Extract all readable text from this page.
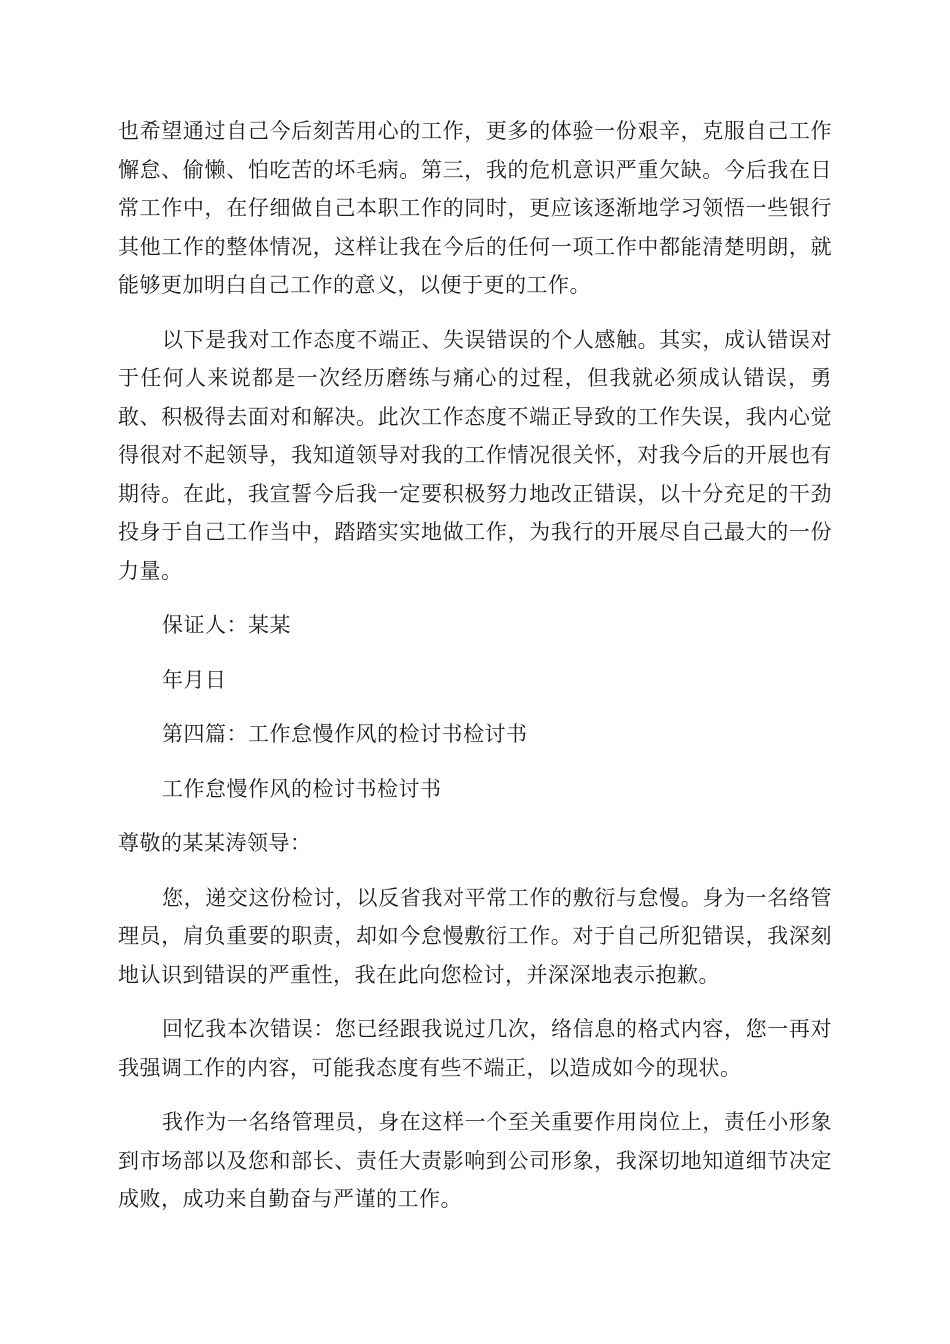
也希望通过自己今后刻苦用心的工作，更多的体验一份艰辛，克服自己工作懈怠、偷懒、怕吃苦的坏毛病。第三，我的危机意识严重欠缺。今后我在日常工作中，在仔细做自己本职工作的同时，更应该逐渐地学习领悟一些银行其他工作的整体情况，这样让我在今后的任何一项工作中都能清楚明朗，就能够更加明白自己工作的意义，以便于更的工作。

以下是我对工作态度不端正、失误错误的个人感触。其实，成认错误对于任何人来说都是一次经历磨练与痛心的过程，但我就必须成认错误，勇敢、积极得去面对和解决。此次工作态度不端正导致的工作失误，我内心觉得很对不起领导，我知道领导对我的工作情况很关怀，对我今后的开展也有期待。在此，我宣誓今后我一定要积极努力地改正错误，以十分充足的干劲投身于自己工作当中，踏踏实实地做工作，为我行的开展尽自己最大的一份力量。

保证人：某某

年月日

第四篇：工作怠慢作风的检讨书检讨书

工作怠慢作风的检讨书检讨书

尊敬的某某涛领导：

您，递交这份检讨，以反省我对平常工作的敷衍与怠慢。身为一名络管理员，肩负重要的职责，却如今怠慢敷衍工作。对于自己所犯错误，我深刻地认识到错误的严重性，我在此向您检讨，并深深地表示抱歉。

回忆我本次错误：您已经跟我说过几次，络信息的格式内容，您一再对我强调工作的内容，可能我态度有些不端正，以造成如今的现状。

我作为一名络管理员，身在这样一个至关重要作用岗位上，责任小形象到市场部以及您和部长、责任大责影响到公司形象，我深切地知道细节决定成败，成功来自勤奋与严谨的工作。
